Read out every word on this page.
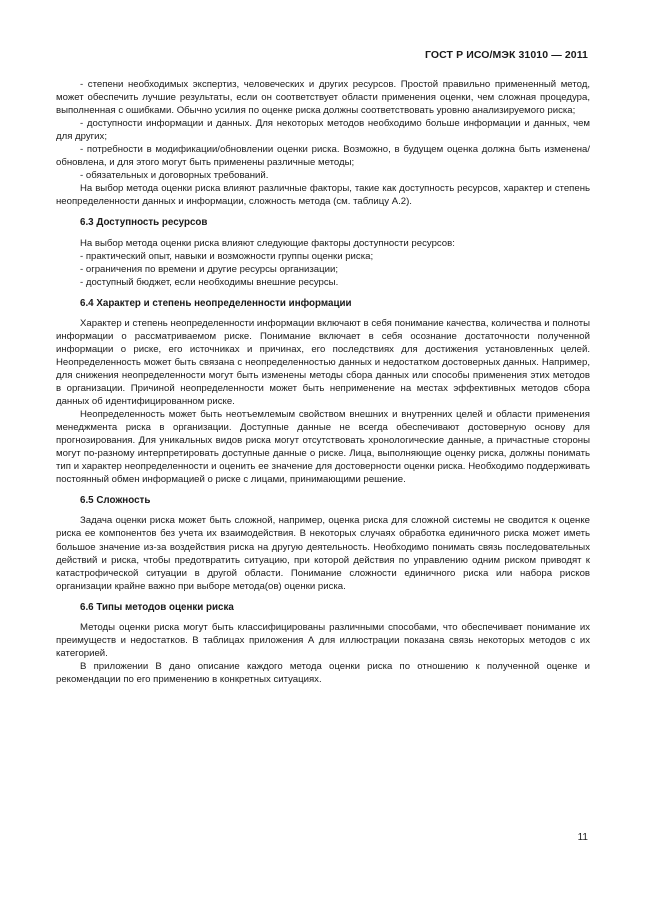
ГОСТ Р ИСО/МЭК 31010 — 2011

- степени необходимых экспертиз, человеческих и других ресурсов. Простой правильно примененный метод, может обеспечить лучшие результаты, если он соответствует области применения оценки, чем сложная процедура, выполненная с ошибками. Обычно усилия по оценке риска должны соответствовать уровню анализируемого риска;

- доступности информации и данных. Для некоторых методов необходимо больше информации и данных, чем для других;

- потребности в модификации/обновлении оценки риска. Возможно, в будущем оценка должна быть изменена/обновлена, и для этого могут быть применены различные методы;

- обязательных и договорных требований.

На выбор метода оценки риска влияют различные факторы, такие как доступность ресурсов, характер и степень неопределенности данных и информации, сложность метода (см. таблицу А.2).

6.3 Доступность ресурсов

На выбор метода оценки риска влияют следующие факторы доступности ресурсов:

- практический опыт, навыки и возможности группы оценки риска;

- ограничения по времени и другие ресурсы организации;

- доступный бюджет, если необходимы внешние ресурсы.

6.4 Характер и степень неопределенности информации

Характер и степень неопределенности информации включают в себя понимание качества, количества и полноты информации о рассматриваемом риске. Понимание включает в себя осознание достаточности полученной информации о риске, его источниках и причинах, его последствиях для достижения установленных целей. Неопределенность может быть связана с неопределенностью данных и недостатком достоверных данных. Например, для снижения неопределенности могут быть изменены методы сбора данных или способы применения этих методов в организации. Причиной неопределенности может быть неприменение на местах эффективных методов сбора данных об идентифицированном риске.

Неопределенность может быть неотъемлемым свойством внешних и внутренних целей и области применения менеджмента риска в организации. Доступные данные не всегда обеспечивают достоверную основу для прогнозирования. Для уникальных видов риска могут отсутствовать хронологические данные, а причастные стороны могут по-разному интерпретировать доступные данные о риске. Лица, выполняющие оценку риска, должны понимать тип и характер неопределенности и оценить ее значение для достоверности оценки риска. Необходимо поддерживать постоянный обмен информацией о риске с лицами, принимающими решение.

6.5 Сложность

Задача оценки риска может быть сложной, например, оценка риска для сложной системы не сводится к оценке риска ее компонентов без учета их взаимодействия. В некоторых случаях обработка единичного риска может иметь большое значение из-за воздействия риска на другую деятельность. Необходимо понимать связь последовательных действий и риска, чтобы предотвратить ситуацию, при которой действия по управлению одним риском приводят к катастрофической ситуации в другой области. Понимание сложности единичного риска или набора рисков организации крайне важно при выборе метода(ов) оценки риска.

6.6 Типы методов оценки риска

Методы оценки риска могут быть классифицированы различными способами, что обеспечивает понимание их преимуществ и недостатков. В таблицах приложения А для иллюстрации показана связь некоторых методов с их категорией.

В приложении В дано описание каждого метода оценки риска по отношению к полученной оценке и рекомендации по его применению в конкретных ситуациях.

11
